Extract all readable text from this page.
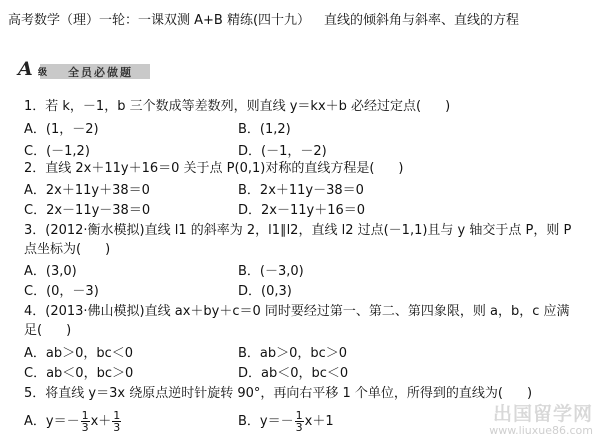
高考数学（理）一轮：一课双测 A+B 精练(四十九） 直线的倾斜角与斜率、直线的方程
A 级 全员必做题
1．若 k，－1，b 三个数成等差数列，则直线 y＝kx＋b 必经过定点( )
A．(1，－2)	B．(1,2)
C．(－1,2)	D．(－1，－2)
2．直线 2x＋11y＋16＝0 关于点 P(0,1)对称的直线方程是( )
A．2x＋11y＋38＝0	B．2x＋11y－38＝0
C．2x－11y－38＝0	D．2x－11y＋16＝0
3．(2012·衡水模拟)直线 l1 的斜率为 2，l1∥l2，直线 l2 过点(－1,1)且与 y 轴交于点 P，则 P
点坐标为( )
A．(3,0)	B．(－3,0)
C．(0，－3)	D．(0,3)
4．(2013·佛山模拟)直线 ax＋by＋c＝0 同时要经过第一、第二、第四象限，则 a，b，c 应满
足( )
A．ab＞0，bc＜0	B．ab＞0，bc＞0
C．ab＜0，bc＞0	D．ab＜0，bc＜0
5．将直线 y＝3x 绕原点逆时针旋转 90°，再向右平移 1 个单位，所得到的直线为( )
A．$y=- \frac{1}{3} x+ \frac{1}{3}$	B．$y=- \frac{1}{3} x+1$	出国留学网
www.liuxue86.com
